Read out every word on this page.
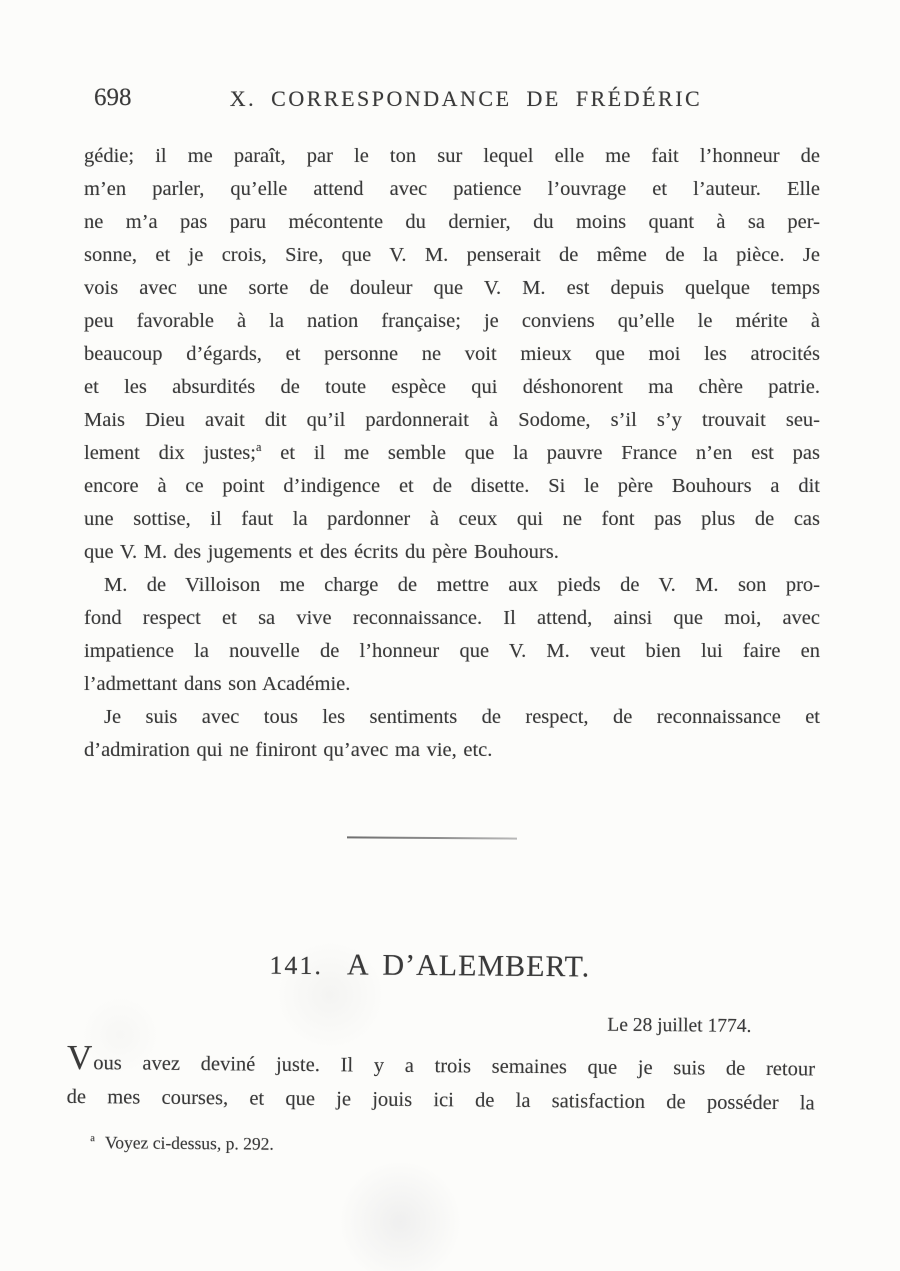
698	X. CORRESPONDANCE DE FRÉDÉRIC
gédie; il me paraît, par le ton sur lequel elle me fait l’honneur de
m’en parler, qu’elle attend avec patience l’ouvrage et l’auteur. Elle
ne m’a pas paru mécontente du dernier, du moins quant à sa per-
sonne, et je crois, Sire, que V. M. penserait de même de la pièce. Je
vois avec une sorte de douleur que V. M. est depuis quelque temps
peu favorable à la nation française; je conviens qu’elle le mérite à
beaucoup d’égards, et personne ne voit mieux que moi les atrocités
et les absurdités de toute espèce qui déshonorent ma chère patrie.
Mais Dieu avait dit qu’il pardonnerait à Sodome, s’il s’y trouvait seu-
lement dix justes;$^a$ et il me semble que la pauvre France n’en est pas
encore à ce point d’indigence et de disette. Si le père Bouhours a dit
une sottise, il faut la pardonner à ceux qui ne font pas plus de cas
que V. M. des jugements et des écrits du père Bouhours.
M. de Villoison me charge de mettre aux pieds de V. M. son pro-
fond respect et sa vive reconnaissance. Il attend, ainsi que moi, avec
impatience la nouvelle de l’honneur que V. M. veut bien lui faire en
l’admettant dans son Académie.
Je suis avec tous les sentiments de respect, de reconnaissance et
d’admiration qui ne finiront qu’avec ma vie, etc.
141. A D’ALEMBERT.
Le 28 juillet 1774.
Vous avez deviné juste. Il y a trois semaines que je suis de retour
de mes courses, et que je jouis ici de la satisfaction de posséder la
$^a$ Voyez ci-dessus, p. 292.
